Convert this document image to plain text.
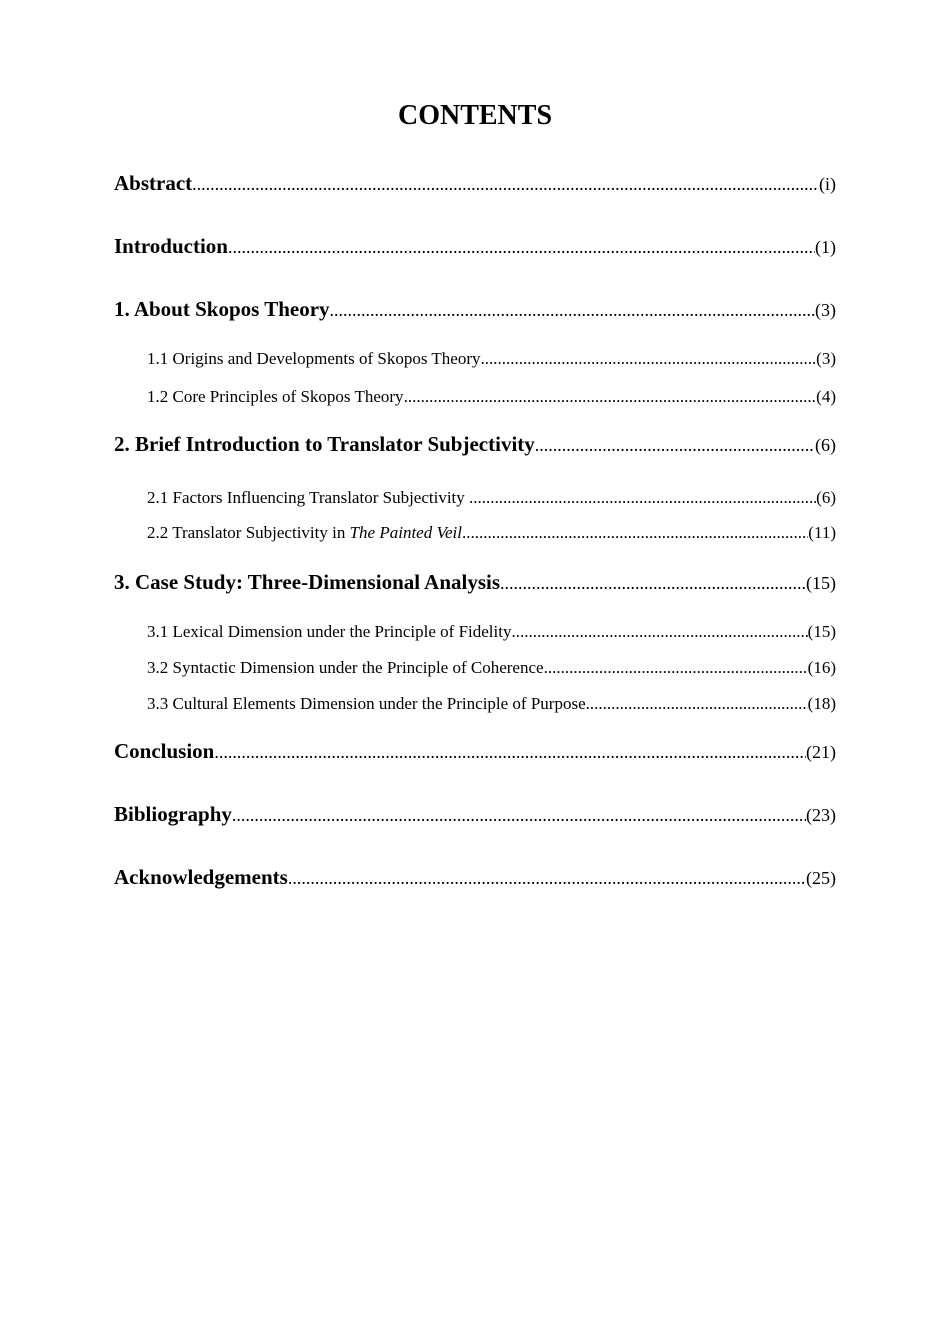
CONTENTS
Abstract .....	(i)
Introduction .....	(1)
1. About Skopos Theory .....	(3)
1.1 Origins and Developments of Skopos Theory .....	(3)
1.2 Core Principles of Skopos Theory .....	(4)
2. Brief Introduction to Translator Subjectivity .....	(6)
2.1 Factors Influencing Translator Subjectivity .....	(6)
2.2 Translator Subjectivity in The Painted Veil .....	(11)
3. Case Study: Three-Dimensional Analysis .....	(15)
3.1 Lexical Dimension under the Principle of Fidelity .....	(15)
3.2 Syntactic Dimension under the Principle of Coherence .....	(16)
3.3 Cultural Elements Dimension under the Principle of Purpose .....	(18)
Conclusion .....	(21)
Bibliography .....	(23)
Acknowledgements .....	(25)
